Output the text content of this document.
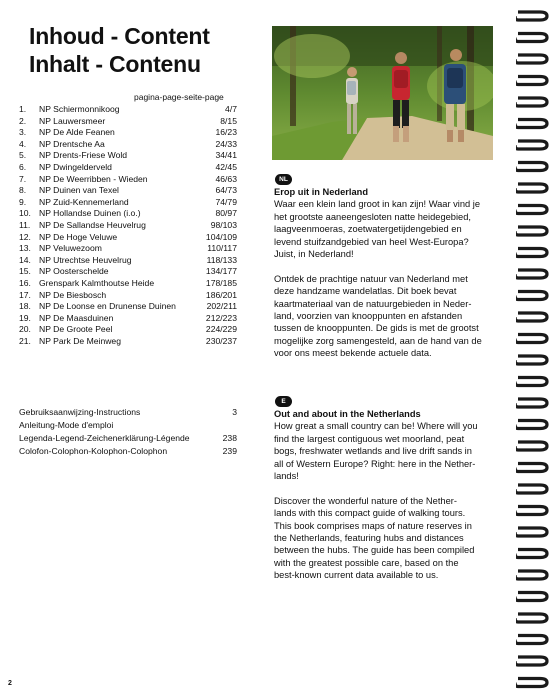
Inhoud - Content
Inhalt - Contenu
pagina-page-seite-page
1.	NP Schiermonnikoog	4/7
2.	NP Lauwersmeer	8/15
3.	NP De Alde Feanen	16/23
4.	NP Drentsche Aa	24/33
5.	NP Drents-Friese Wold	34/41
6.	NP Dwingelderveld	42/45
7.	NP De Weerribben - Wieden	46/63
8.	NP Duinen van Texel	64/73
9.	NP Zuid-Kennemerland	74/79
10. NP Hollandse Duinen (i.o.)	80/97
11.	NP De Sallandse Heuvelrug	98/103
12. NP De Hoge Veluwe	104/109
13. NP Veluwezoom	110/117
14. NP Utrechtse Heuvelrug	118/133
15. NP Oosterschelde	134/177
16. Grenspark Kalmthoutse Heide	178/185
17. NP De Biesbosch	186/201
18. NP De Loonse en Drunense Duinen	202/211
19. NP De Maasduinen	212/223
20. NP De Groote Peel	224/229
21. NP Park De Meinweg	230/237
Gebruiksaanwijzing-Instructions	3
Anleitung-Mode d'emploi
Legenda-Legend-Zeichenerklärung-Légende	238
Colofon-Colophon-Kolophon-Colophon	239
2
NL
Erop uit in Nederland

Waar een klein land groot in kan zijn! Waar vind je
het grootste aaneengesloten natte heidegebied,
laagveenmoeras, zoetwatergetijdengebied en
levend stuifzandgebied van heel West-Europa?
Juist, in Nederland!

Ontdek de prachtige natuur van Nederland met
deze handzame wandelatlas. Dit boek bevat
kaartmateriaal van de natuurgebieden in Neder-
land, voorzien van knooppunten en afstanden
tussen de knooppunten. De gids is met de grootst
mogelijke zorg samengesteld, aan de hand van de
voor ons meest bekende actuele data.

E
Out and about in the Netherlands

How great a small country can be! Where will you
find the largest contiguous wet moorland, peat
bogs, freshwater wetlands and live drift sands in
all of Western Europe? Right: here in the Nether-
lands!

Discover the wonderful nature of the Nether-
lands with this compact guide of walking tours.
This book comprises maps of nature reserves in
the Netherlands, featuring hubs and distances
between the hubs. The guide has been compiled
with the greatest possible care, based on the
best-known current data available to us.
